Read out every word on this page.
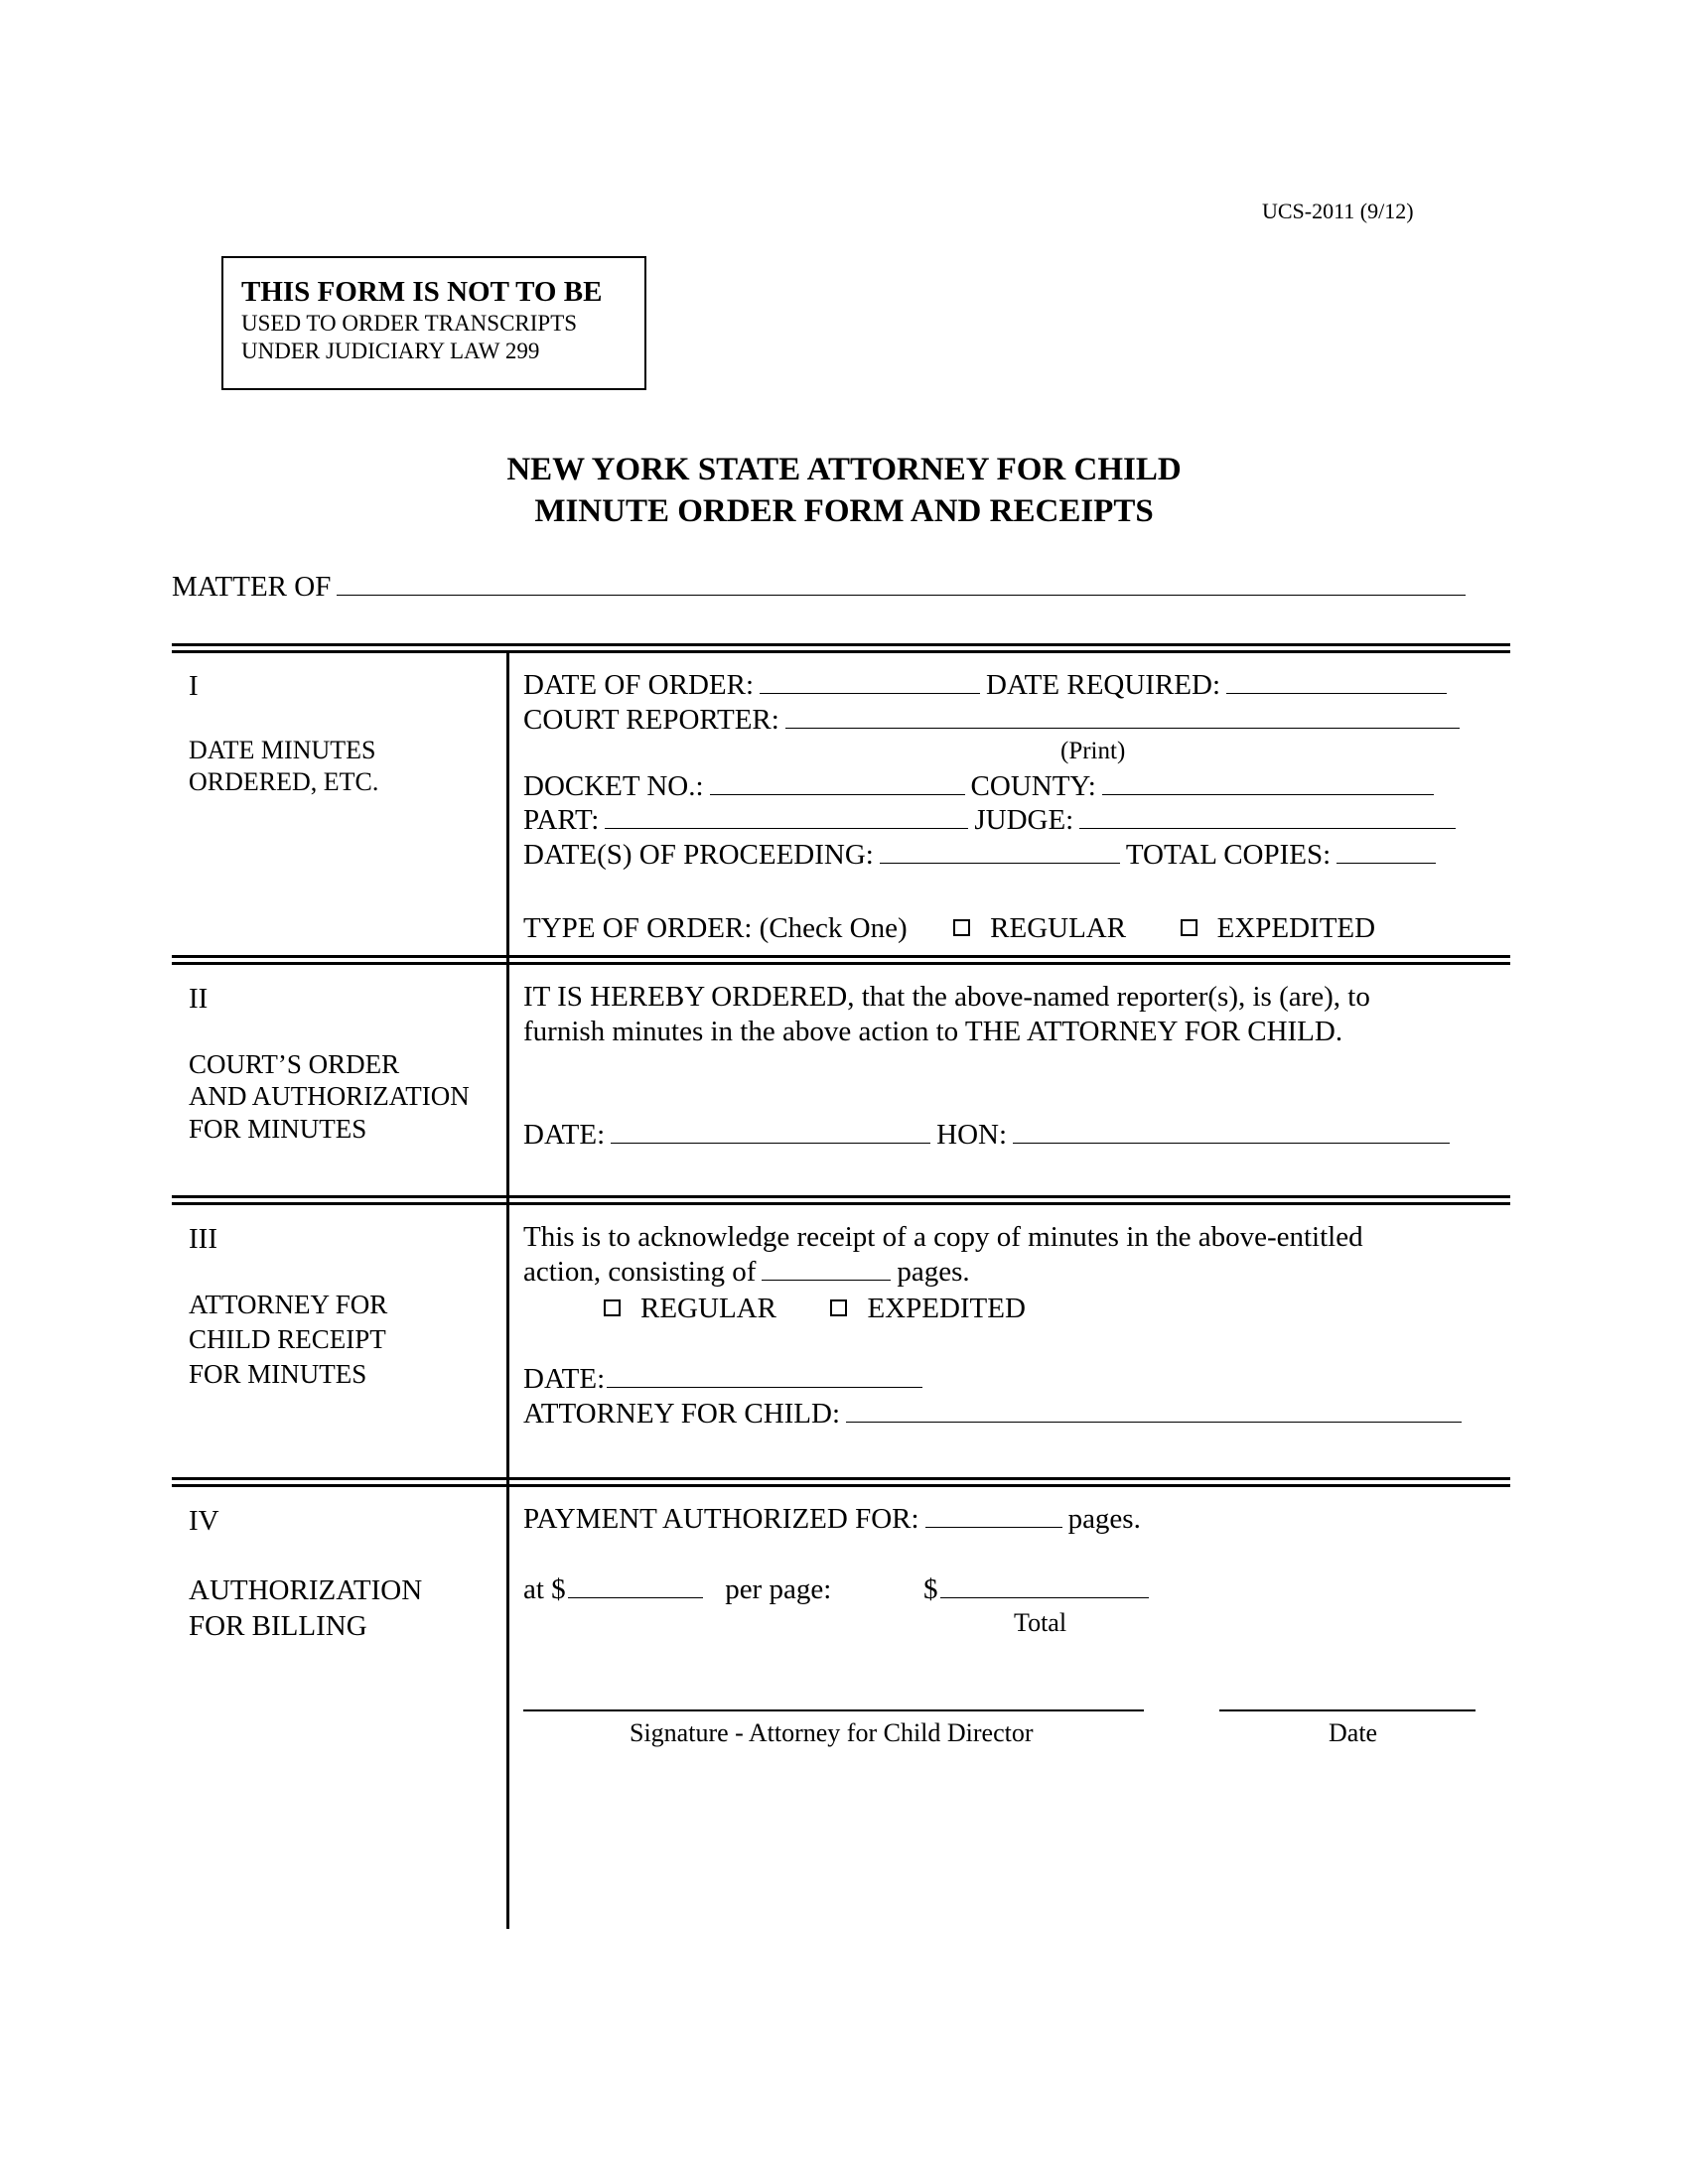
UCS-2011 (9/12)
THIS FORM IS NOT TO BE
USED TO ORDER TRANSCRIPTS
UNDER JUDICIARY LAW 299
NEW YORK STATE ATTORNEY FOR CHILD
MINUTE ORDER FORM AND RECEIPTS
MATTER OF
I
DATE MINUTES
ORDERED, ETC.
DATE OF ORDER:	DATE REQUIRED:
COURT REPORTER:
(Print)
DOCKET NO.:	COUNTY:
PART:	JUDGE:
DATE(S) OF PROCEEDING:	TOTAL COPIES:
TYPE OF ORDER: (Check One)	REGULAR	EXPEDITED
II
COURT’S ORDER
AND AUTHORIZATION
FOR MINUTES
IT IS HEREBY ORDERED, that the above-named reporter(s), is (are), to
furnish minutes in the above action to THE ATTORNEY FOR CHILD.
DATE:	HON:
III
ATTORNEY FOR
CHILD RECEIPT
FOR MINUTES
This is to acknowledge receipt of a copy of minutes in the above-entitled
action, consisting of	pages.
REGULAR	EXPEDITED
DATE:
ATTORNEY FOR CHILD:
IV
AUTHORIZATION
FOR BILLING
PAYMENT AUTHORIZED FOR:	pages.
at $	per page:	$
Total
Signature - Attorney for Child Director	Date
